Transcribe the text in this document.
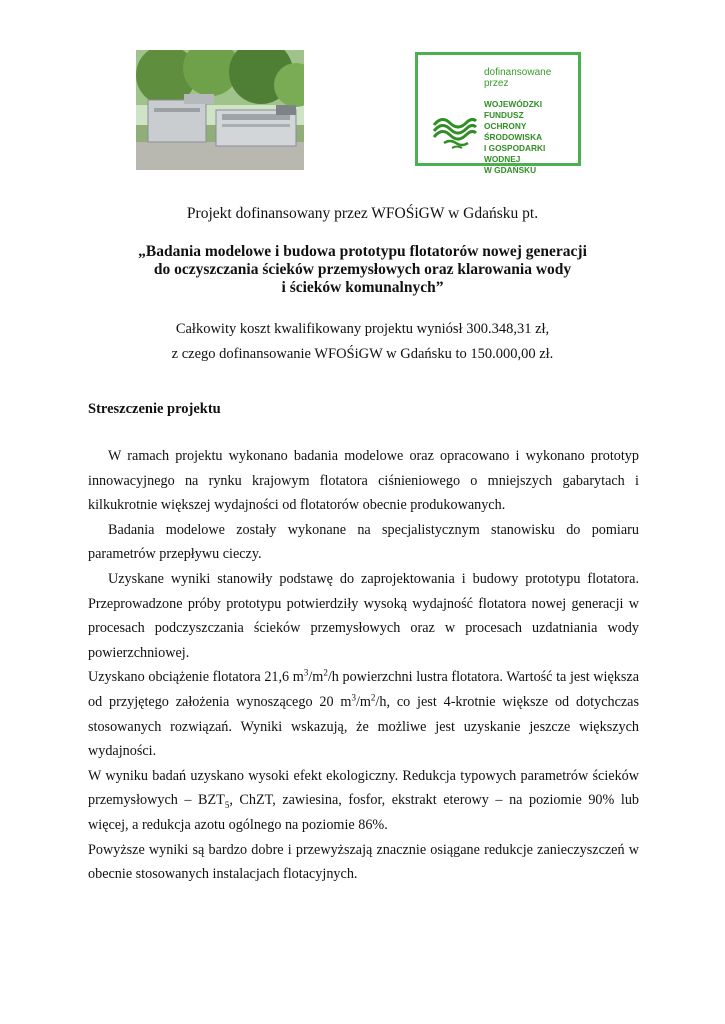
dofinansowane przez
WOJEWÓDZKI FUNDUSZ
OCHRONY ŚRODOWISKA
I GOSPODARKI WODNEJ
W GDAŃSKU
Projekt dofinansowany przez WFOŚiGW w Gdańsku pt.
„Badania modelowe i budowa prototypu flotatorów nowej generacji
do oczyszczania ścieków przemysłowych oraz klarowania wody
i ścieków komunalnych”
Całkowity koszt kwalifikowany projektu wyniósł 300.348,31 zł,
z czego dofinansowanie WFOŚiGW w Gdańsku to 150.000,00 zł.
Streszczenie projektu

W ramach projektu wykonano badania modelowe oraz opracowano i wykonano prototyp innowacyjnego na rynku krajowym flotatora ciśnieniowego o mniejszych gabarytach i kilkukrotnie większej wydajności od flotatorów obecnie produkowanych.

Badania modelowe zostały wykonane na specjalistycznym stanowisku do pomiaru parametrów przepływu cieczy.

Uzyskane wyniki stanowiły podstawę do zaprojektowania i budowy prototypu flotatora. Przeprowadzone próby prototypu potwierdziły wysoką wydajność flotatora nowej generacji w procesach podczyszczania ścieków przemysłowych oraz w procesach uzdatniania wody powierzchniowej.

Uzyskano obciążenie flotatora 21,6 $m^3/m^2/h$ powierzchni lustra flotatora. Wartość ta jest większa od przyjętego założenia wynoszącego 20 $m^3/m^2/h$, co jest 4-krotnie większe od dotychczas stosowanych rozwiązań. Wyniki wskazują, że możliwe jest uzyskanie jeszcze większych wydajności.

W wyniku badań uzyskano wysoki efekt ekologiczny. Redukcja typowych parametrów ścieków przemysłowych – $BZT_5$, ChZT, zawiesina, fosfor, ekstrakt eterowy – na poziomie 90% lub więcej, a redukcja azotu ogólnego na poziomie 86%.

Powyższe wyniki są bardzo dobre i przewyższają znacznie osiągane redukcje zanieczyszczeń w obecnie stosowanych instalacjach flotacyjnych.
